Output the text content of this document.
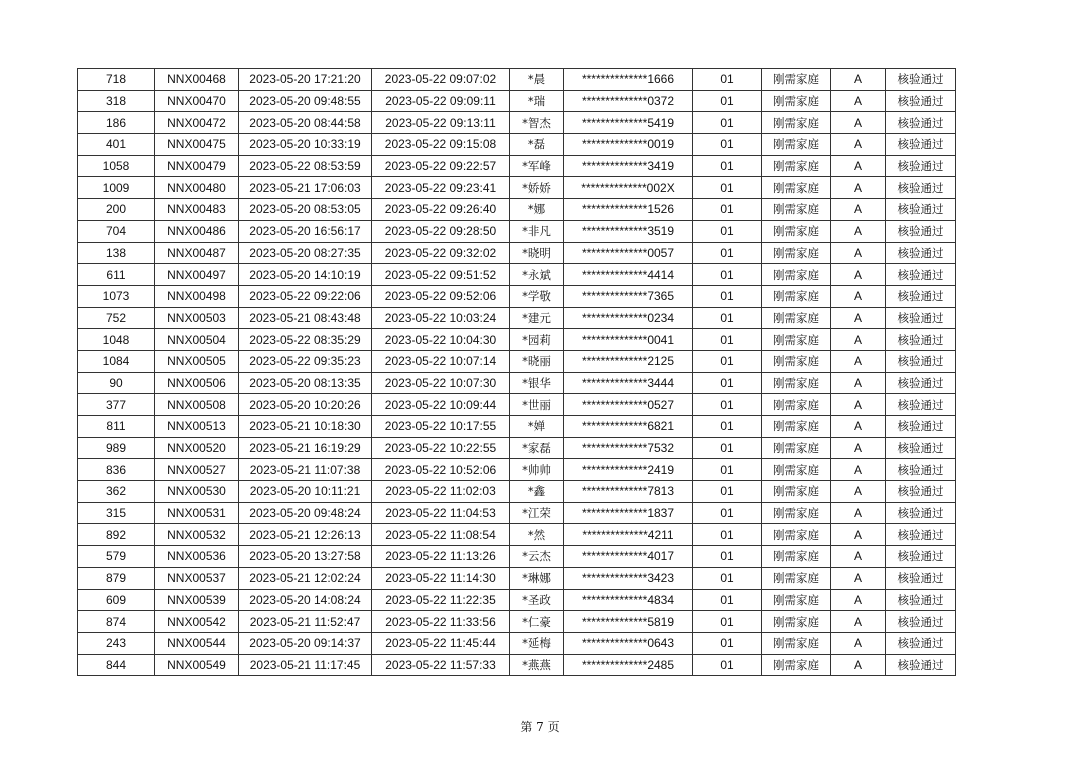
718	NNX00468	2023-05-20 17:21:20	2023-05-22 09:07:02	*晨	**************1666	01	刚需家庭	A	核验通过
318	NNX00470	2023-05-20 09:48:55	2023-05-22 09:09:11	*瑞	**************0372	01	刚需家庭	A	核验通过
186	NNX00472	2023-05-20 08:44:58	2023-05-22 09:13:11	*智杰	**************5419	01	刚需家庭	A	核验通过
401	NNX00475	2023-05-20 10:33:19	2023-05-22 09:15:08	*磊	**************0019	01	刚需家庭	A	核验通过
1058	NNX00479	2023-05-22 08:53:59	2023-05-22 09:22:57	*军峰	**************3419	01	刚需家庭	A	核验通过
1009	NNX00480	2023-05-21 17:06:03	2023-05-22 09:23:41	*娇娇	**************002X	01	刚需家庭	A	核验通过
200	NNX00483	2023-05-20 08:53:05	2023-05-22 09:26:40	*娜	**************1526	01	刚需家庭	A	核验通过
704	NNX00486	2023-05-20 16:56:17	2023-05-22 09:28:50	*非凡	**************3519	01	刚需家庭	A	核验通过
138	NNX00487	2023-05-20 08:27:35	2023-05-22 09:32:02	*晓明	**************0057	01	刚需家庭	A	核验通过
611	NNX00497	2023-05-20 14:10:19	2023-05-22 09:51:52	*永斌	**************4414	01	刚需家庭	A	核验通过
1073	NNX00498	2023-05-22 09:22:06	2023-05-22 09:52:06	*学敬	**************7365	01	刚需家庭	A	核验通过
752	NNX00503	2023-05-21 08:43:48	2023-05-22 10:03:24	*建元	**************0234	01	刚需家庭	A	核验通过
1048	NNX00504	2023-05-22 08:35:29	2023-05-22 10:04:30	*园莉	**************0041	01	刚需家庭	A	核验通过
1084	NNX00505	2023-05-22 09:35:23	2023-05-22 10:07:14	*晓丽	**************2125	01	刚需家庭	A	核验通过
90	NNX00506	2023-05-20 08:13:35	2023-05-22 10:07:30	*银华	**************3444	01	刚需家庭	A	核验通过
377	NNX00508	2023-05-20 10:20:26	2023-05-22 10:09:44	*世丽	**************0527	01	刚需家庭	A	核验通过
811	NNX00513	2023-05-21 10:18:30	2023-05-22 10:17:55	*婵	**************6821	01	刚需家庭	A	核验通过
989	NNX00520	2023-05-21 16:19:29	2023-05-22 10:22:55	*家磊	**************7532	01	刚需家庭	A	核验通过
836	NNX00527	2023-05-21 11:07:38	2023-05-22 10:52:06	*帅帅	**************2419	01	刚需家庭	A	核验通过
362	NNX00530	2023-05-20 10:11:21	2023-05-22 11:02:03	*鑫	**************7813	01	刚需家庭	A	核验通过
315	NNX00531	2023-05-20 09:48:24	2023-05-22 11:04:53	*江荣	**************1837	01	刚需家庭	A	核验通过
892	NNX00532	2023-05-21 12:26:13	2023-05-22 11:08:54	*然	**************4211	01	刚需家庭	A	核验通过
579	NNX00536	2023-05-20 13:27:58	2023-05-22 11:13:26	*云杰	**************4017	01	刚需家庭	A	核验通过
879	NNX00537	2023-05-21 12:02:24	2023-05-22 11:14:30	*琳娜	**************3423	01	刚需家庭	A	核验通过
609	NNX00539	2023-05-20 14:08:24	2023-05-22 11:22:35	*圣政	**************4834	01	刚需家庭	A	核验通过
874	NNX00542	2023-05-21 11:52:47	2023-05-22 11:33:56	*仁豪	**************5819	01	刚需家庭	A	核验通过
243	NNX00544	2023-05-20 09:14:37	2023-05-22 11:45:44	*延梅	**************0643	01	刚需家庭	A	核验通过
844	NNX00549	2023-05-21 11:17:45	2023-05-22 11:57:33	*燕燕	**************2485	01	刚需家庭	A	核验通过
第 7 页
